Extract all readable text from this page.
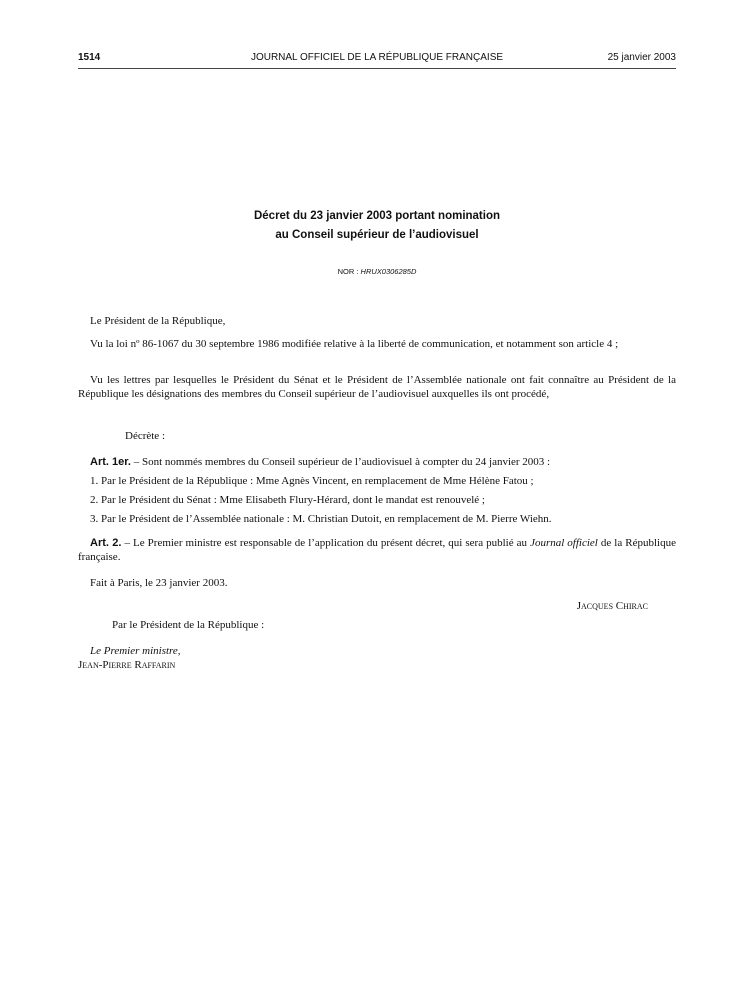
1514	JOURNAL OFFICIEL DE LA RÉPUBLIQUE FRANÇAISE	25 janvier 2003
Décret du 23 janvier 2003 portant nomination
au Conseil supérieur de l’audiovisuel
NOR : HRUX0306285D
Le Président de la République,
Vu la loi nº 86-1067 du 30 septembre 1986 modifiée relative à la liberté de communication, et notamment son article 4 ;
Vu les lettres par lesquelles le Président du Sénat et le Président de l’Assemblée nationale ont fait connaître au Président de la République les désignations des membres du Conseil supérieur de l’audiovisuel auxquelles ils ont procédé,
Décrète :
Art. 1er. – Sont nommés membres du Conseil supérieur de l’audiovisuel à compter du 24 janvier 2003 :
1. Par le Président de la République : Mme Agnès Vincent, en remplacement de Mme Hélène Fatou ;
2. Par le Président du Sénat : Mme Elisabeth Flury-Hérard, dont le mandat est renouvelé ;
3. Par le Président de l’Assemblée nationale : M. Christian Dutoit, en remplacement de M. Pierre Wiehn.
Art. 2. – Le Premier ministre est responsable de l’application du présent décret, qui sera publié au Journal officiel de la République française.
Fait à Paris, le 23 janvier 2003.
Jacques Chirac
Par le Président de la République :
Le Premier ministre,
Jean-Pierre Raffarin
